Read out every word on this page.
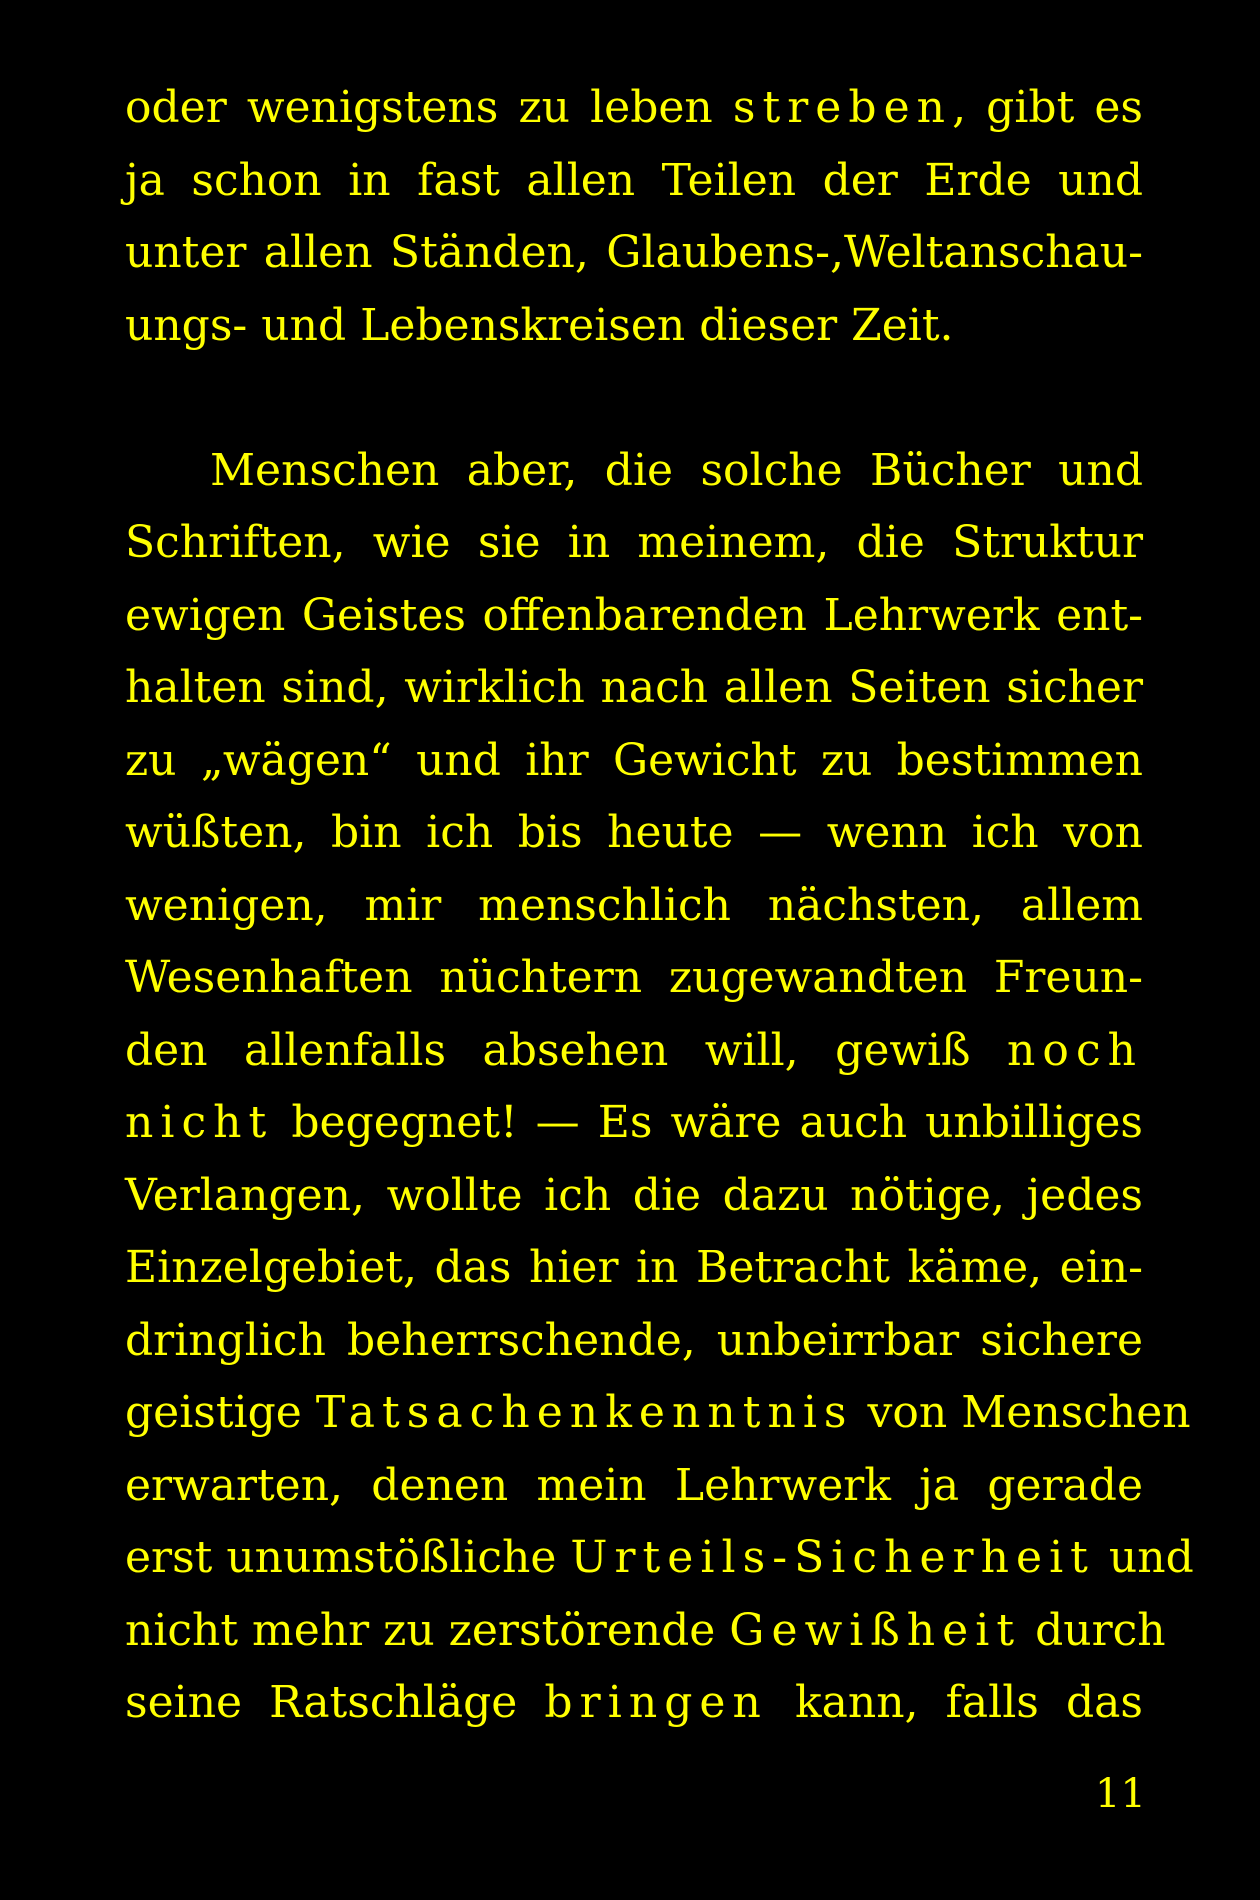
oder wenigstens zu leben streben, gibt es
ja schon in fast allen Teilen der Erde und
unter allen Ständen, Glaubens-,Weltanschau-
ungs- und Lebenskreisen dieser Zeit.
Menschen aber, die solche Bücher und
Schriften, wie sie in meinem, die Struktur
ewigen Geistes offenbarenden Lehrwerk ent-
halten sind, wirklich nach allen Seiten sicher
zu „wägen“ und ihr Gewicht zu bestimmen
wüßten, bin ich bis heute — wenn ich von
wenigen, mir menschlich nächsten, allem
Wesenhaften nüchtern zugewandten Freun-
den allenfalls absehen will, gewiß noch
nicht begegnet! — Es wäre auch unbilliges
Verlangen, wollte ich die dazu nötige, jedes
Einzelgebiet, das hier in Betracht käme, ein-
dringlich beherrschende, unbeirrbar sichere
geistige Tatsachenkenntnis von Menschen
erwarten, denen mein Lehrwerk ja gerade
erst unumstößliche Urteils-Sicherheit und
nicht mehr zu zerstörende Gewißheit durch
seine Ratschläge bringen kann, falls das
11
